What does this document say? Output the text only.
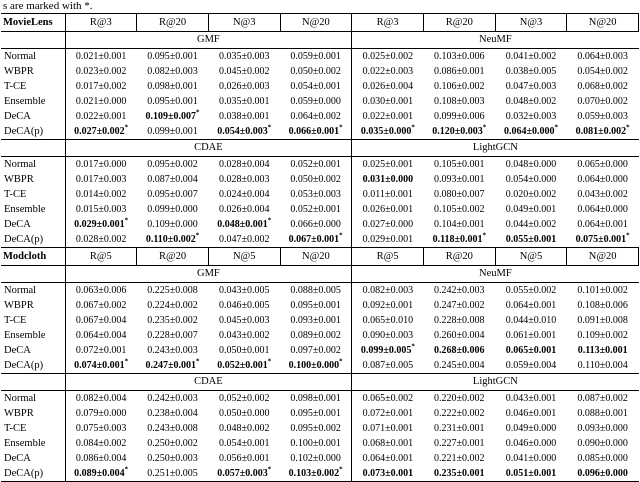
s are marked with *.
MovieLens	R@3	R@20	N@3	N@20	R@3	R@20	N@3	N@20
	GMF				NeuMF			
Normal	0.021±0.001	0.095±0.001	0.035±0.003	0.059±0.001	0.025±0.002	0.103±0.006	0.041±0.002	0.064±0.003
WBPR	0.023±0.002	0.082±0.003	0.045±0.002	0.050±0.002	0.022±0.003	0.086±0.001	0.038±0.005	0.054±0.002
T-CE	0.017±0.002	0.098±0.001	0.026±0.003	0.054±0.001	0.026±0.004	0.106±0.002	0.047±0.003	0.068±0.002
Ensemble	0.021±0.000	0.095±0.001	0.035±0.001	0.059±0.000	0.030±0.001	0.108±0.003	0.048±0.002	0.070±0.002
DeCA	0.022±0.001	0.109±0.007*	0.038±0.001	0.064±0.002	0.022±0.001	0.099±0.006	0.032±0.003	0.059±0.003
DeCA(p)	0.027±0.002*	0.099±0.001	0.054±0.003*	0.066±0.001*	0.035±0.000*	0.120±0.003*	0.064±0.000*	0.081±0.002*
	CDAE				LightGCN			
Normal	0.017±0.000	0.095±0.002	0.028±0.004	0.052±0.001	0.025±0.001	0.105±0.001	0.048±0.000	0.065±0.000
WBPR	0.017±0.003	0.087±0.004	0.028±0.003	0.050±0.002	0.031±0.000	0.093±0.001	0.054±0.000	0.064±0.000
T-CE	0.014±0.002	0.095±0.007	0.024±0.004	0.053±0.003	0.011±0.001	0.080±0.007	0.020±0.002	0.043±0.002
Ensemble	0.015±0.003	0.099±0.000	0.026±0.004	0.052±0.001	0.026±0.001	0.105±0.002	0.049±0.001	0.064±0.000
DeCA	0.029±0.001*	0.109±0.000	0.048±0.001*	0.066±0.000	0.027±0.000	0.104±0.001	0.044±0.002	0.064±0.001
DeCA(p)	0.028±0.002	0.110±0.002*	0.047±0.002	0.067±0.001*	0.029±0.001	0.118±0.001*	0.055±0.001	0.075±0.001*
Modcloth	R@5	R@20	N@5	N@20	R@5	R@20	N@5	N@20
	GMF				NeuMF			
Normal	0.063±0.006	0.225±0.008	0.043±0.005	0.088±0.005	0.082±0.003	0.242±0.003	0.055±0.002	0.101±0.002
WBPR	0.067±0.002	0.224±0.002	0.046±0.005	0.095±0.001	0.092±0.001	0.247±0.002	0.064±0.001	0.108±0.006
T-CE	0.067±0.004	0.235±0.002	0.045±0.003	0.093±0.001	0.065±0.010	0.228±0.008	0.044±0.010	0.091±0.008
Ensemble	0.064±0.004	0.228±0.007	0.043±0.002	0.089±0.002	0.090±0.003	0.260±0.004	0.061±0.001	0.109±0.002
DeCA	0.072±0.001	0.243±0.003	0.050±0.001	0.097±0.002	0.099±0.005*	0.268±0.006	0.065±0.001	0.113±0.001
DeCA(p)	0.074±0.001*	0.247±0.001*	0.052±0.001*	0.100±0.000*	0.087±0.005	0.245±0.004	0.059±0.004	0.110±0.004
	CDAE				LightGCN			
Normal	0.082±0.004	0.242±0.003	0.052±0.002	0.098±0.001	0.065±0.002	0.220±0.002	0.043±0.001	0.087±0.002
WBPR	0.079±0.000	0.238±0.004	0.050±0.000	0.095±0.001	0.072±0.001	0.222±0.002	0.046±0.001	0.088±0.001
T-CE	0.075±0.003	0.243±0.008	0.048±0.002	0.095±0.002	0.071±0.001	0.231±0.001	0.049±0.000	0.093±0.000
Ensemble	0.084±0.002	0.250±0.002	0.054±0.001	0.100±0.001	0.068±0.001	0.227±0.001	0.046±0.000	0.090±0.000
DeCA	0.086±0.004	0.250±0.003	0.056±0.001	0.102±0.000	0.064±0.001	0.221±0.002	0.041±0.000	0.085±0.000
DeCA(p)	0.089±0.004*	0.251±0.005	0.057±0.003*	0.103±0.002*	0.073±0.001	0.235±0.001	0.051±0.001	0.096±0.000
